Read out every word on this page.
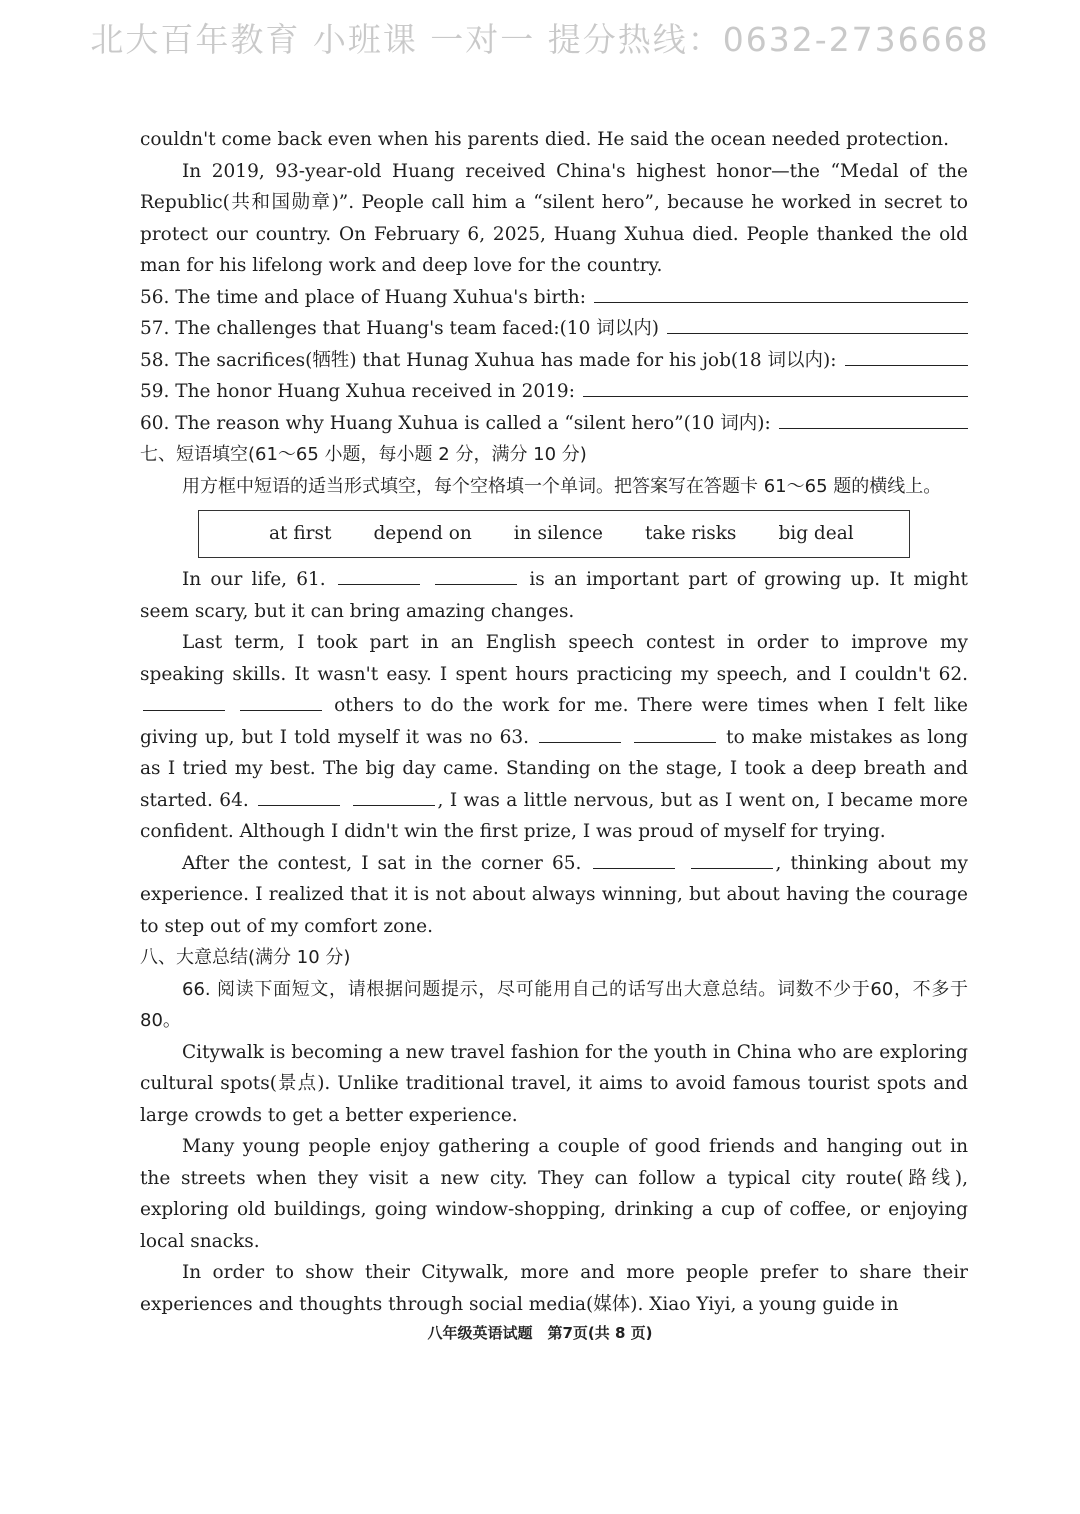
北大百年教育 小班课 一对一 提分热线：0632-2736668

couldn't come back even when his parents died. He said the ocean needed protection.

In 2019, 93-year-old Huang received China's highest honor—the “Medal of the Republic(共和国勋章)”. People call him a “silent hero”, because he worked in secret to protect our country. On February 6, 2025, Huang Xuhua died. People thanked the old man for his lifelong work and deep love for the country.

56. The time and place of Huang Xuhua's birth:
57. The challenges that Huang's team faced:(10 词以内)
58. The sacrifices(牺牲) that Hunag Xuhua has made for his job(18 词以内):
59. The honor Huang Xuhua received in 2019:
60. The reason why Huang Xuhua is called a “silent hero”(10 词内):

七、短语填空(61～65 小题，每小题 2 分，满分 10 分)

用方框中短语的适当形式填空，每个空格填一个单词。把答案写在答题卡 61～65 题的横线上。

at first depend on in silence take risks big deal

In our life, 61.	is an important part of growing up. It might seem scary, but it can bring amazing changes.

Last term, I took part in an English speech contest in order to improve my speaking skills. It wasn't easy. I spent hours practicing my speech, and I couldn't 62.   others to do the work for me. There were times when I felt like giving up, but I told myself it was no 63.	to make mistakes as long as I tried my best. The big day came. Standing on the stage, I took a deep breath and started. 64.	, I was a little nervous, but as I went on, I became more confident. Although I didn't win the first prize, I was proud of myself for trying.

After the contest, I sat in the corner 65.	, thinking about my experience. I realized that it is not about always winning, but about having the courage to step out of my comfort zone.

八、大意总结(满分 10 分)

66. 阅读下面短文，请根据问题提示，尽可能用自己的话写出大意总结。词数不少于60，不多于 80。

Citywalk is becoming a new travel fashion for the youth in China who are exploring cultural spots(景点). Unlike traditional travel, it aims to avoid famous tourist spots and large crowds to get a better experience.

Many young people enjoy gathering a couple of good friends and hanging out in the streets when they visit a new city. They can follow a typical city route(路线), exploring old buildings, going window-shopping, drinking a cup of coffee, or enjoying local snacks.

In order to show their Citywalk, more and more people prefer to share their experiences and thoughts through social media(媒体). Xiao Yiyi, a young guide in

八年级英语试题　第7页(共 8 页)
